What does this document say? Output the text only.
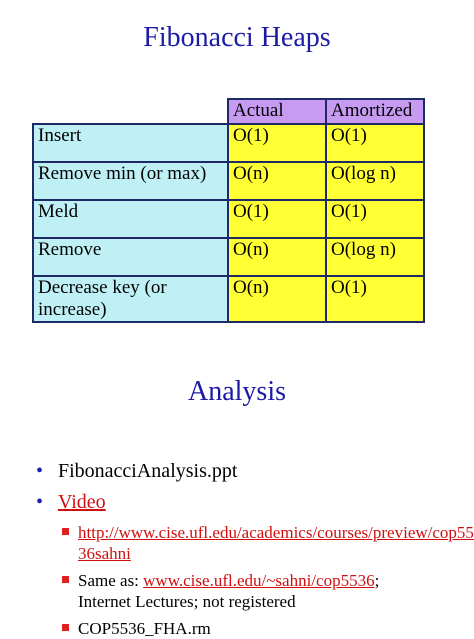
Fibonacci Heaps
	Actual	Amortized
Insert	O(1)	O(1)
Remove min (or max)	O(n)	O(log n)
Meld	O(1)	O(1)
Remove	O(n)	O(log n)
Decrease key (or increase)	O(n)	O(1)
Analysis
• FibonacciAnalysis.ppt
• Video
http://www.cise.ufl.edu/academics/courses/preview/cop5536sahni
Same as: www.cise.ufl.edu/~sahni/cop5536;
Internet Lectures; not registered
COP5536_FHA.rm
